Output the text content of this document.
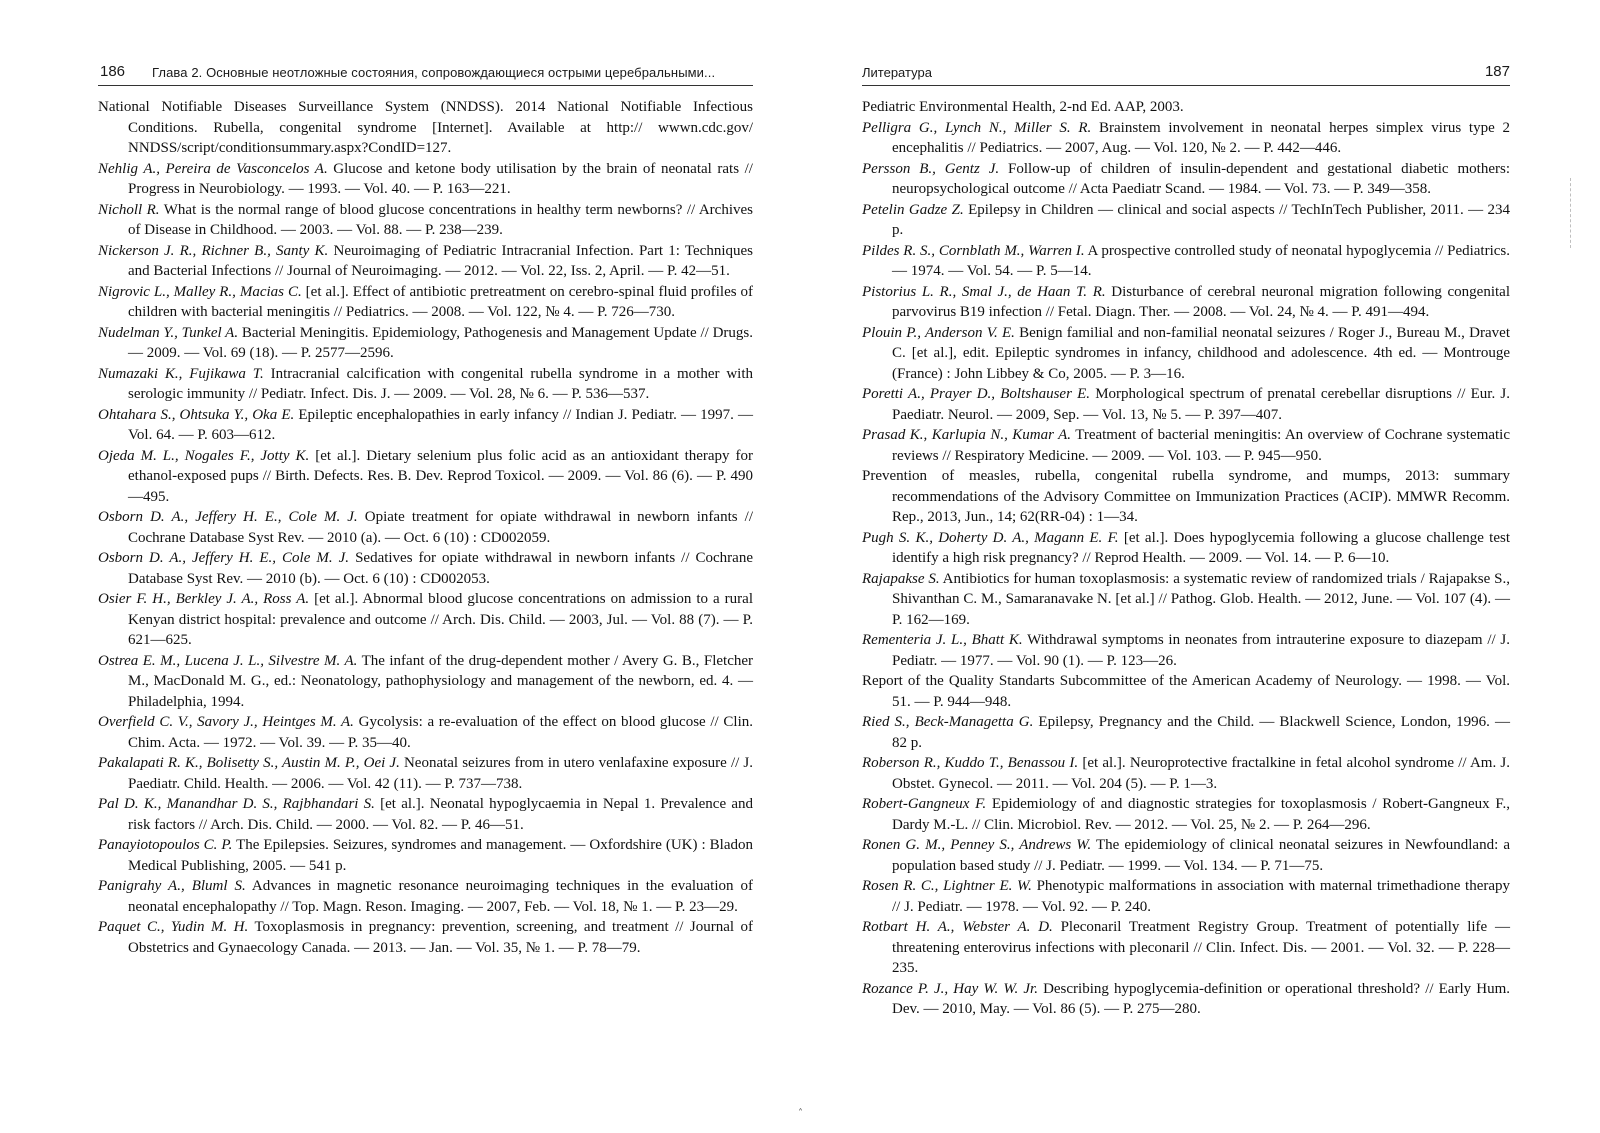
186 Глава 2. Основные неотложные состояния, сопровождающиеся острыми церебральными...
National Notifiable Diseases Surveillance System (NNDSS). 2014 National Notifiable Infectious Conditions. Rubella, congenital syndrome [Internet]. Available at http:// wwwn.cdc.gov/ NNDSS/script/conditionsummary.aspx?CondID=127.
Nehlig A., Pereira de Vasconcelos A. Glucose and ketone body utilisation by the brain of neonatal rats // Progress in Neurobiology. — 1993. — Vol. 40. — P. 163—221.
Nicholl R. What is the normal range of blood glucose concentrations in healthy term newborns? // Archives of Disease in Childhood. — 2003. — Vol. 88. — P. 238—239.
Nickerson J. R., Richner B., Santy K. Neuroimaging of Pediatric Intracranial Infection. Part 1: Techniques and Bacterial Infections // Journal of Neuroimaging. — 2012. — Vol. 22, Iss. 2, April. — P. 42—51.
Nigrovic L., Malley R., Macias C. [et al.]. Effect of antibiotic pretreatment on cerebro-spinal fluid profiles of children with bacterial meningitis // Pediatrics. — 2008. — Vol. 122, № 4. — P. 726—730.
Nudelman Y., Tunkel A. Bacterial Meningitis. Epidemiology, Pathogenesis and Management Update // Drugs. — 2009. — Vol. 69 (18). — P. 2577—2596.
Numazaki K., Fujikawa T. Intracranial calcification with congenital rubella syndrome in a mother with serologic immunity // Pediatr. Infect. Dis. J. — 2009. — Vol. 28, № 6. — P. 536—537.
Ohtahara S., Ohtsuka Y., Oka E. Epileptic encephalopathies in early infancy // Indian J. Pediatr. — 1997. — Vol. 64. — P. 603—612.
Ojeda M. L., Nogales F., Jotty K. [et al.]. Dietary selenium plus folic acid as an antioxidant therapy for ethanol-exposed pups // Birth. Defects. Res. B. Dev. Reprod Toxicol. — 2009. — Vol. 86 (6). — P. 490—495.
Osborn D. A., Jeffery H. E., Cole M. J. Opiate treatment for opiate withdrawal in newborn infants // Cochrane Database Syst Rev. — 2010 (a). — Oct. 6 (10) : CD002059.
Osborn D. A., Jeffery H. E., Cole M. J. Sedatives for opiate withdrawal in newborn infants // Cochrane Database Syst Rev. — 2010 (b). — Oct. 6 (10) : CD002053.
Osier F. H., Berkley J. A., Ross A. [et al.]. Abnormal blood glucose concentrations on admission to a rural Kenyan district hospital: prevalence and outcome // Arch. Dis. Child. — 2003, Jul. — Vol. 88 (7). — P. 621—625.
Ostrea E. M., Lucena J. L., Silvestre M. A. The infant of the drug-dependent mother / Avery G. B., Fletcher M., MacDonald M. G., ed.: Neonatology, pathophysiology and management of the newborn, ed. 4. — Philadelphia, 1994.
Overfield C. V., Savory J., Heintges M. A. Gycolysis: a re-evaluation of the effect on blood glucose // Clin. Chim. Acta. — 1972. — Vol. 39. — P. 35—40.
Pakalapati R. K., Bolisetty S., Austin M. P., Oei J. Neonatal seizures from in utero venlafaxine exposure // J. Paediatr. Child. Health. — 2006. — Vol. 42 (11). — P. 737—738.
Pal D. K., Manandhar D. S., Rajbhandari S. [et al.]. Neonatal hypoglycaemia in Nepal 1. Prevalence and risk factors // Arch. Dis. Child. — 2000. — Vol. 82. — P. 46—51.
Panayiotopoulos C. P. The Epilepsies. Seizures, syndromes and management. — Oxfordshire (UK) : Bladon Medical Publishing, 2005. — 541 p.
Panigrahy A., Bluml S. Advances in magnetic resonance neuroimaging techniques in the evaluation of neonatal encephalopathy // Top. Magn. Reson. Imaging. — 2007, Feb. — Vol. 18, № 1. — P. 23—29.
Paquet C., Yudin M. H. Toxoplasmosis in pregnancy: prevention, screening, and treatment // Journal of Obstetrics and Gynaecology Canada. — 2013. — Jan. — Vol. 35, № 1. — P. 78—79.
Литература	187
Pediatric Environmental Health, 2-nd Ed. AAP, 2003.
Pelligra G., Lynch N., Miller S. R. Brainstem involvement in neonatal herpes simplex virus type 2 encephalitis // Pediatrics. — 2007, Aug. — Vol. 120, № 2. — P. 442—446.
Persson B., Gentz J. Follow-up of children of insulin-dependent and gestational diabetic mothers: neuropsychological outcome // Acta Paediatr Scand. — 1984. — Vol. 73. — P. 349—358.
Petelin Gadze Z. Epilepsy in Children — clinical and social aspects // TechInTech Publisher, 2011. — 234 p.
Pildes R. S., Cornblath M., Warren I. A prospective controlled study of neonatal hypoglycemia // Pediatrics. — 1974. — Vol. 54. — P. 5—14.
Pistorius L. R., Smal J., de Haan T. R. Disturbance of cerebral neuronal migration following congenital parvovirus B19 infection // Fetal. Diagn. Ther. — 2008. — Vol. 24, № 4. — P. 491—494.
Plouin P., Anderson V. E. Benign familial and non-familial neonatal seizures / Roger J., Bureau M., Dravet C. [et al.], edit. Epileptic syndromes in infancy, childhood and adolescence. 4th ed. — Montrouge (France) : John Libbey & Co, 2005. — P. 3—16.
Poretti A., Prayer D., Boltshauser E. Morphological spectrum of prenatal cerebellar disruptions // Eur. J. Paediatr. Neurol. — 2009, Sep. — Vol. 13, № 5. — P. 397—407.
Prasad K., Karlupia N., Kumar A. Treatment of bacterial meningitis: An overview of Cochrane systematic reviews // Respiratory Medicine. — 2009. — Vol. 103. — P. 945—950.
Prevention of measles, rubella, congenital rubella syndrome, and mumps, 2013: summary recommendations of the Advisory Committee on Immunization Practices (ACIP). MMWR Recomm. Rep., 2013, Jun., 14; 62(RR-04) : 1—34.
Pugh S. K., Doherty D. A., Magann E. F. [et al.]. Does hypoglycemia following a glucose challenge test identify a high risk pregnancy? // Reprod Health. — 2009. — Vol. 14. — P. 6—10.
Rajapakse S. Antibiotics for human toxoplasmosis: a systematic review of randomized trials / Rajapakse S., Shivanthan C. M., Samaranavake N. [et al.] // Pathog. Glob. Health. — 2012, June. — Vol. 107 (4). — P. 162—169.
Rementeria J. L., Bhatt K. Withdrawal symptoms in neonates from intrauterine exposure to diazepam // J. Pediatr. — 1977. — Vol. 90 (1). — P. 123—26.
Report of the Quality Standarts Subcommittee of the American Academy of Neurology. — 1998. — Vol. 51. — P. 944—948.
Ried S., Beck-Managetta G. Epilepsy, Pregnancy and the Child. — Blackwell Science, London, 1996. — 82 p.
Roberson R., Kuddo T., Benassou I. [et al.]. Neuroprotective fractalkine in fetal alcohol syndrome // Am. J. Obstet. Gynecol. — 2011. — Vol. 204 (5). — P. 1—3.
Robert-Gangneux F. Epidemiology of and diagnostic strategies for toxoplasmosis / Robert-Gangneux F., Dardy M.-L. // Clin. Microbiol. Rev. — 2012. — Vol. 25, № 2. — P. 264—296.
Ronen G. M., Penney S., Andrews W. The epidemiology of clinical neonatal seizures in Newfoundland: a population based study // J. Pediatr. — 1999. — Vol. 134. — P. 71—75.
Rosen R. C., Lightner E. W. Phenotypic malformations in association with maternal trimethadione therapy // J. Pediatr. — 1978. — Vol. 92. — P. 240.
Rotbart H. A., Webster A. D. Pleconaril Treatment Registry Group. Treatment of potentially life — threatening enterovirus infections with pleconaril // Clin. Infect. Dis. — 2001. — Vol. 32. — P. 228—235.
Rozance P. J., Hay W. W. Jr. Describing hypoglycemia-definition or operational threshold? // Early Hum. Dev. — 2010, May. — Vol. 86 (5). — P. 275—280.
˄
